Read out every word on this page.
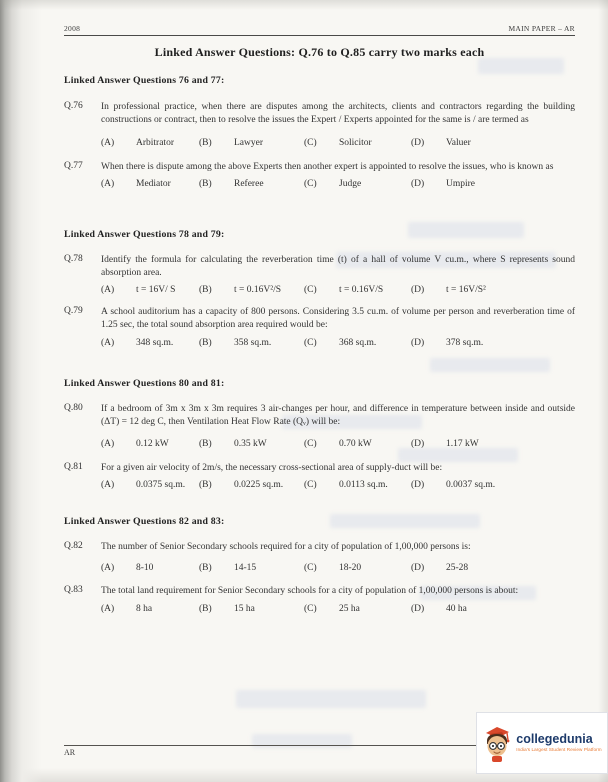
2008	MAIN PAPER – AR
Linked Answer Questions: Q.76 to Q.85 carry two marks each
Linked Answer Questions 76 and 77:
Q.76	In professional practice, when there are disputes among the architects, clients and contractors regarding the building constructions or contract, then to resolve the issues the Expert / Experts appointed for the same is / are termed as

(A)	Arbitrator	(B)	Lawyer	(C)	Solicitor	(D)	Valuer
Q.77	When there is dispute among the above Experts then another expert is appointed to resolve the issues, who is known as

(A)	Mediator	(B)	Referee	(C)	Judge	(D)	Umpire
Linked Answer Questions 78 and 79:
Q.78	Identify the formula for calculating the reverberation time (t) of a hall of volume V cu.m., where S represents sound absorption area.

(A)	t = 16V/ S	(B)	t = 0.16V²/S	(C)	t = 0.16V/S	(D)	t = 16V/S²
Q.79	A school auditorium has a capacity of 800 persons. Considering 3.5 cu.m. of volume per person and reverberation time of 1.25 sec, the total sound absorption area required would be:

(A)	348 sq.m.	(B)	358 sq.m.	(C)	368 sq.m.	(D)	378 sq.m.
Linked Answer Questions 80 and 81:
Q.80	If a bedroom of 3m x 3m x 3m requires 3 air-changes per hour, and difference in temperature between inside and outside (ΔT) = 12 deg C, then Ventilation Heat Flow Rate (Qᵥ) will be:

(A)	0.12 kW	(B)	0.35 kW	(C)	0.70 kW	(D)	1.17 kW
Q.81	For a given air velocity of 2m/s, the necessary cross-sectional area of supply-duct will be:

(A)	0.0375 sq.m.	(B)	0.0225 sq.m.	(C)	0.0113 sq.m.	(D)	0.0037 sq.m.
Linked Answer Questions 82 and 83:
Q.82	The number of Senior Secondary schools required for a city of population of 1,00,000 persons is:

(A)	8-10	(B)	14-15	(C)	18-20	(D)	25-28
Q.83	The total land requirement for Senior Secondary schools for a city of population of 1,00,000 persons is about:

(A)	8 ha	(B)	15 ha	(C)	25 ha	(D)	40 ha
AR
collegedunia
India's Largest Student Review Platform
